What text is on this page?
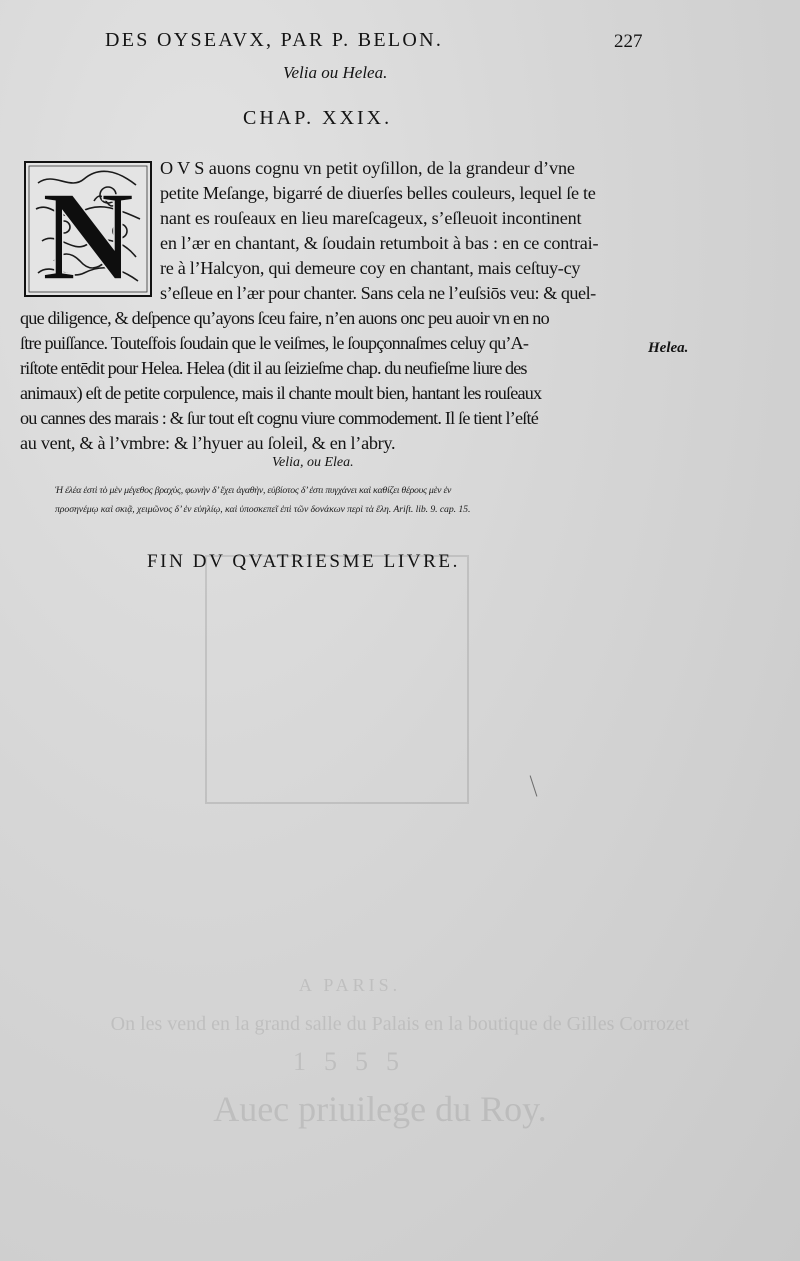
A PARIS.
On les vend en la grand salle du Palais en la boutique de Gilles Corrozet
1555
Auec priuilege du Roy.
DES OYSEAVX, PAR P. BELON.	227
Velia ou Helea.
CHAP. XXIX.
N O V S auons cognu vn petit oyſillon, de la grandeur d’vne
petite Meſange, bigarré de diuerſes belles couleurs, lequel ſe te
nant es rouſeaux en lieu mareſcageux, s’eſleuoit incontinent
en l’ær en chantant, & ſoudain retumboit à bas : en ce contrai-
re à l’Halcyon, qui demeure coy en chantant, mais ceſtuy-cy
s’eſleue en l’ær pour chanter. Sans cela ne l’euſsiōs veu: & quel-
que diligence, & deſpence qu’ayons ſceu faire, n’en auons onc peu auoir vn en no
ſtre puiſſance. Touteſfois ſoudain que le veiſmes, le ſoupçonnaſmes celuy qu’A-
riſtote entēdit pour Helea. Helea (dit il au ſeizieſme chap. du neufieſme liure des
animaux) eſt de petite corpulence, mais il chante moult bien, hantant les rouſeaux
ou cannes des marais : & ſur tout eſt cognu viure commodement. Il ſe tient l’eſté
au vent, & à l’vmbre: & l’hyuer au ſoleil, & en l’abry.
Helea.
Velia, ou Elea.
Ἡ ἐλέα ἐστὶ τὸ μὲν μέγεθος βραχὺς, φωνὴν δ’ ἔχει ἀγαθὴν, εὐβίοτος δ’ ἐστι πυγχάνει καὶ καθίζει θέρους μὲν ἐν
προσηνέμῳ καὶ σκιᾷ, χειμῶνος δ’ ἐν εὐηλίῳ, καὶ ὑποσκεπεῖ ἐπὶ τῶν δονάκων περὶ τὰ ἕλη. Ariſt. lib. 9. cap. 15.
FIN DV QVATRIESME LIVRE.
